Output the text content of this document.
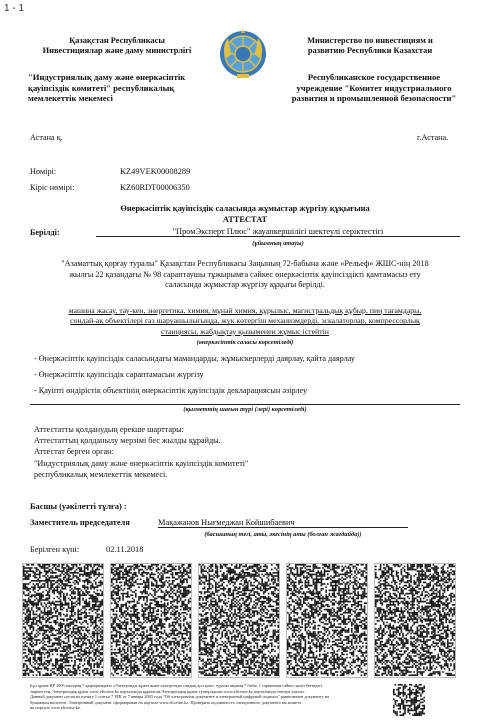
1 - 1
Қазақстан Республикасы
Инвестициялар және даму министрлігі
"Индустриялық даму және өнеркәсіптік
қауіпсіздік комитеті" республикалық
мемлекеттік мекемесі
Министерство по инвестициям и
развитию Республики Казахстан
Республиканское государственное
учреждение "Комитет индустриального
развития и промышленной безопасности"
Астана қ.	г.Астана.
Нөмірі:	KZ49VEK00008289
Кіріс нөмірі:	KZ60RDT00006350
Өнеркәсіптік қауіпсіздік саласында жұмыстар жүргізу құқығына
АТТЕСТАТ
Берілді:	"ПромЭксперт Плюс" жауапкершілігі шектеулі серіктестігі
(ұйымның атауы)
"Азаматтық қорғау туралы" Қазақстан Республикасы Заңының 72-бабына және «Рельеф» ЖШС-нің 2018
жылғы 22 қазандағы № 98 сараптаушы тұжырымға сәйкес өнеркәсіптік қауіпсіздікті қамтамасыз ету
саласында жұмыстар жүргізу құқығы берілді.
машина жасау, тау-кен, энергетика, химия, мұнай химия, құрылыс, магистральдық құбыр, пиң тағамдары,
сондай-ақ объектілері газ шаруашылығында, жүк көтергіш механизмдерді, эскалаторлар, компрессорлық
станциясы, жабдықтау қызыменен жұмыс істейтін
(өнеркәсіптік саласы көрсетіледі)
- Өнеркәсіптік қауіпсіздік саласындағы мамандарды, жұмыскерлерді даярлау, қайта даярлау
- Өнеркәсіптік қауіпсіздік сараптамасын жүргізу
- Қауіпті өндірістік объектінің өнеркәсіптік қауіпсіздік декларациясын әзірлеу
(қызметтің шағын түрі (лері) көрсетіледі)
Аттестатты қолданудың ерекше шарттары:
Аттестаттың қолданылу мерзімі бес жылды құрайды.
Аттестат берген орган:
"Индустриялық даму және өнеркәсіптік қауіпсіздік комитеті"
республикалық мемлекеттік мекемесі.
Басшы (уәкілетті тұлға) :
Заместитель председателя	Мақажанов Нығмеджан Койшибаевич
(басшының тегі, аты, әкесінің аты (болған жағдайда))
Берілген күні:	02.11.2018
Бұл құжат ҚР 2003 жылдың 7 қаңтарындағы «Электронды құжат және электронды сандық қол қою» туралы заңның 7 бабы, 1 тармағына сәйкес қағаз бетіндегі
заңмен тең. Электрондық құжат www.elicense.kz порталында құрылған.Электрондық құжат түпнұсқасын www.elicense.kz порталында тексере аласыз.
Данный документ согласно пункту 1 статьи 7 ЗРК от 7 января 2003 года "Об электронном документе и электронной цифровой подписи" равнозначен документу на
бумажном носителе. Электронный документ сформирован на портале www.elicense.kz. Проверить подлинность электронного документа вы можете
на портале www.elicense.kz.
